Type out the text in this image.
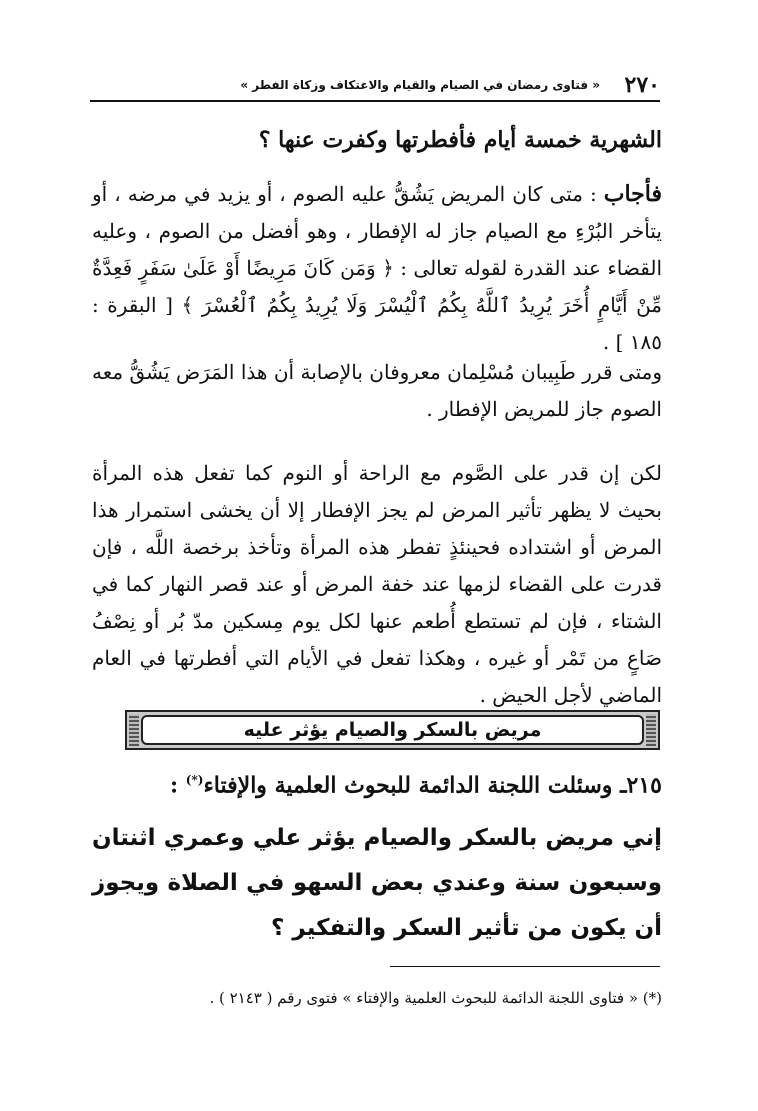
٢٧٠
« فتاوى رمضان في الصيام والقيام والاعتكاف وزكاة الفطر »
الشهرية خمسة أيام فأفطرتها وكفرت عنها ؟
فأجاب : متى كان المريض يَشُقُّ عليه الصوم ، أو يزيد في مرضه ، أو يتأخر البُرْءِ مع الصيام جاز له الإفطار ، وهو أفضل من الصوم ، وعليه القضاء عند القدرة لقوله تعالى : ﴿ وَمَن كَانَ مَرِيضًا أَوْ عَلَىٰ سَفَرٍ فَعِدَّةٌ مِّنْ أَيَّامٍ أُخَرَ يُرِيدُ ٱللَّهُ بِكُمُ ٱلْيُسْرَ وَلَا يُرِيدُ بِكُمُ ٱلْعُسْرَ ﴾ [ البقرة : ١٨٥ ] .
ومتى قرر طَبِيبان مُسْلِمان معروفان بالإصابة أن هذا المَرَض يَشُقُّ معه الصوم جاز للمريض الإفطار .
لكن إن قدر على الصَّوم مع الراحة أو النوم كما تفعل هذه المرأة بحيث لا يظهر تأثير المرض لم يجز الإفطار إلا أن يخشى استمرار هذا المرض أو اشتداده فحينئذٍ تفطر هذه المرأة وتأخذ برخصة اللَّه ، فإن قدرت على القضاء لزمها عند خفة المرض أو عند قصر النهار كما في الشتاء ، فإن لم تستطع أُطعم عنها لكل يوم مِسكين مدّ بُر أو نِصْفُ صَاعٍ من تَمْر أو غيره ، وهكذا تفعل في الأيام التي أفطرتها في العام الماضي لأجل الحيض .
مريض بالسكر والصيام يؤثر عليه
٢١٥ـ وسئلت اللجنة الدائمة للبحوث العلمية والإفتاء(*) :
إني مريض بالسكر والصيام يؤثر علي وعمري اثنتان وسبعون سنة وعندي بعض السهو في الصلاة ويجوز أن يكون من تأثير السكر والتفكير ؟
(*) « فتاوى اللجنة الدائمة للبحوث العلمية والإفتاء » فتوى رقم ( ٢١٤٣ ) .
